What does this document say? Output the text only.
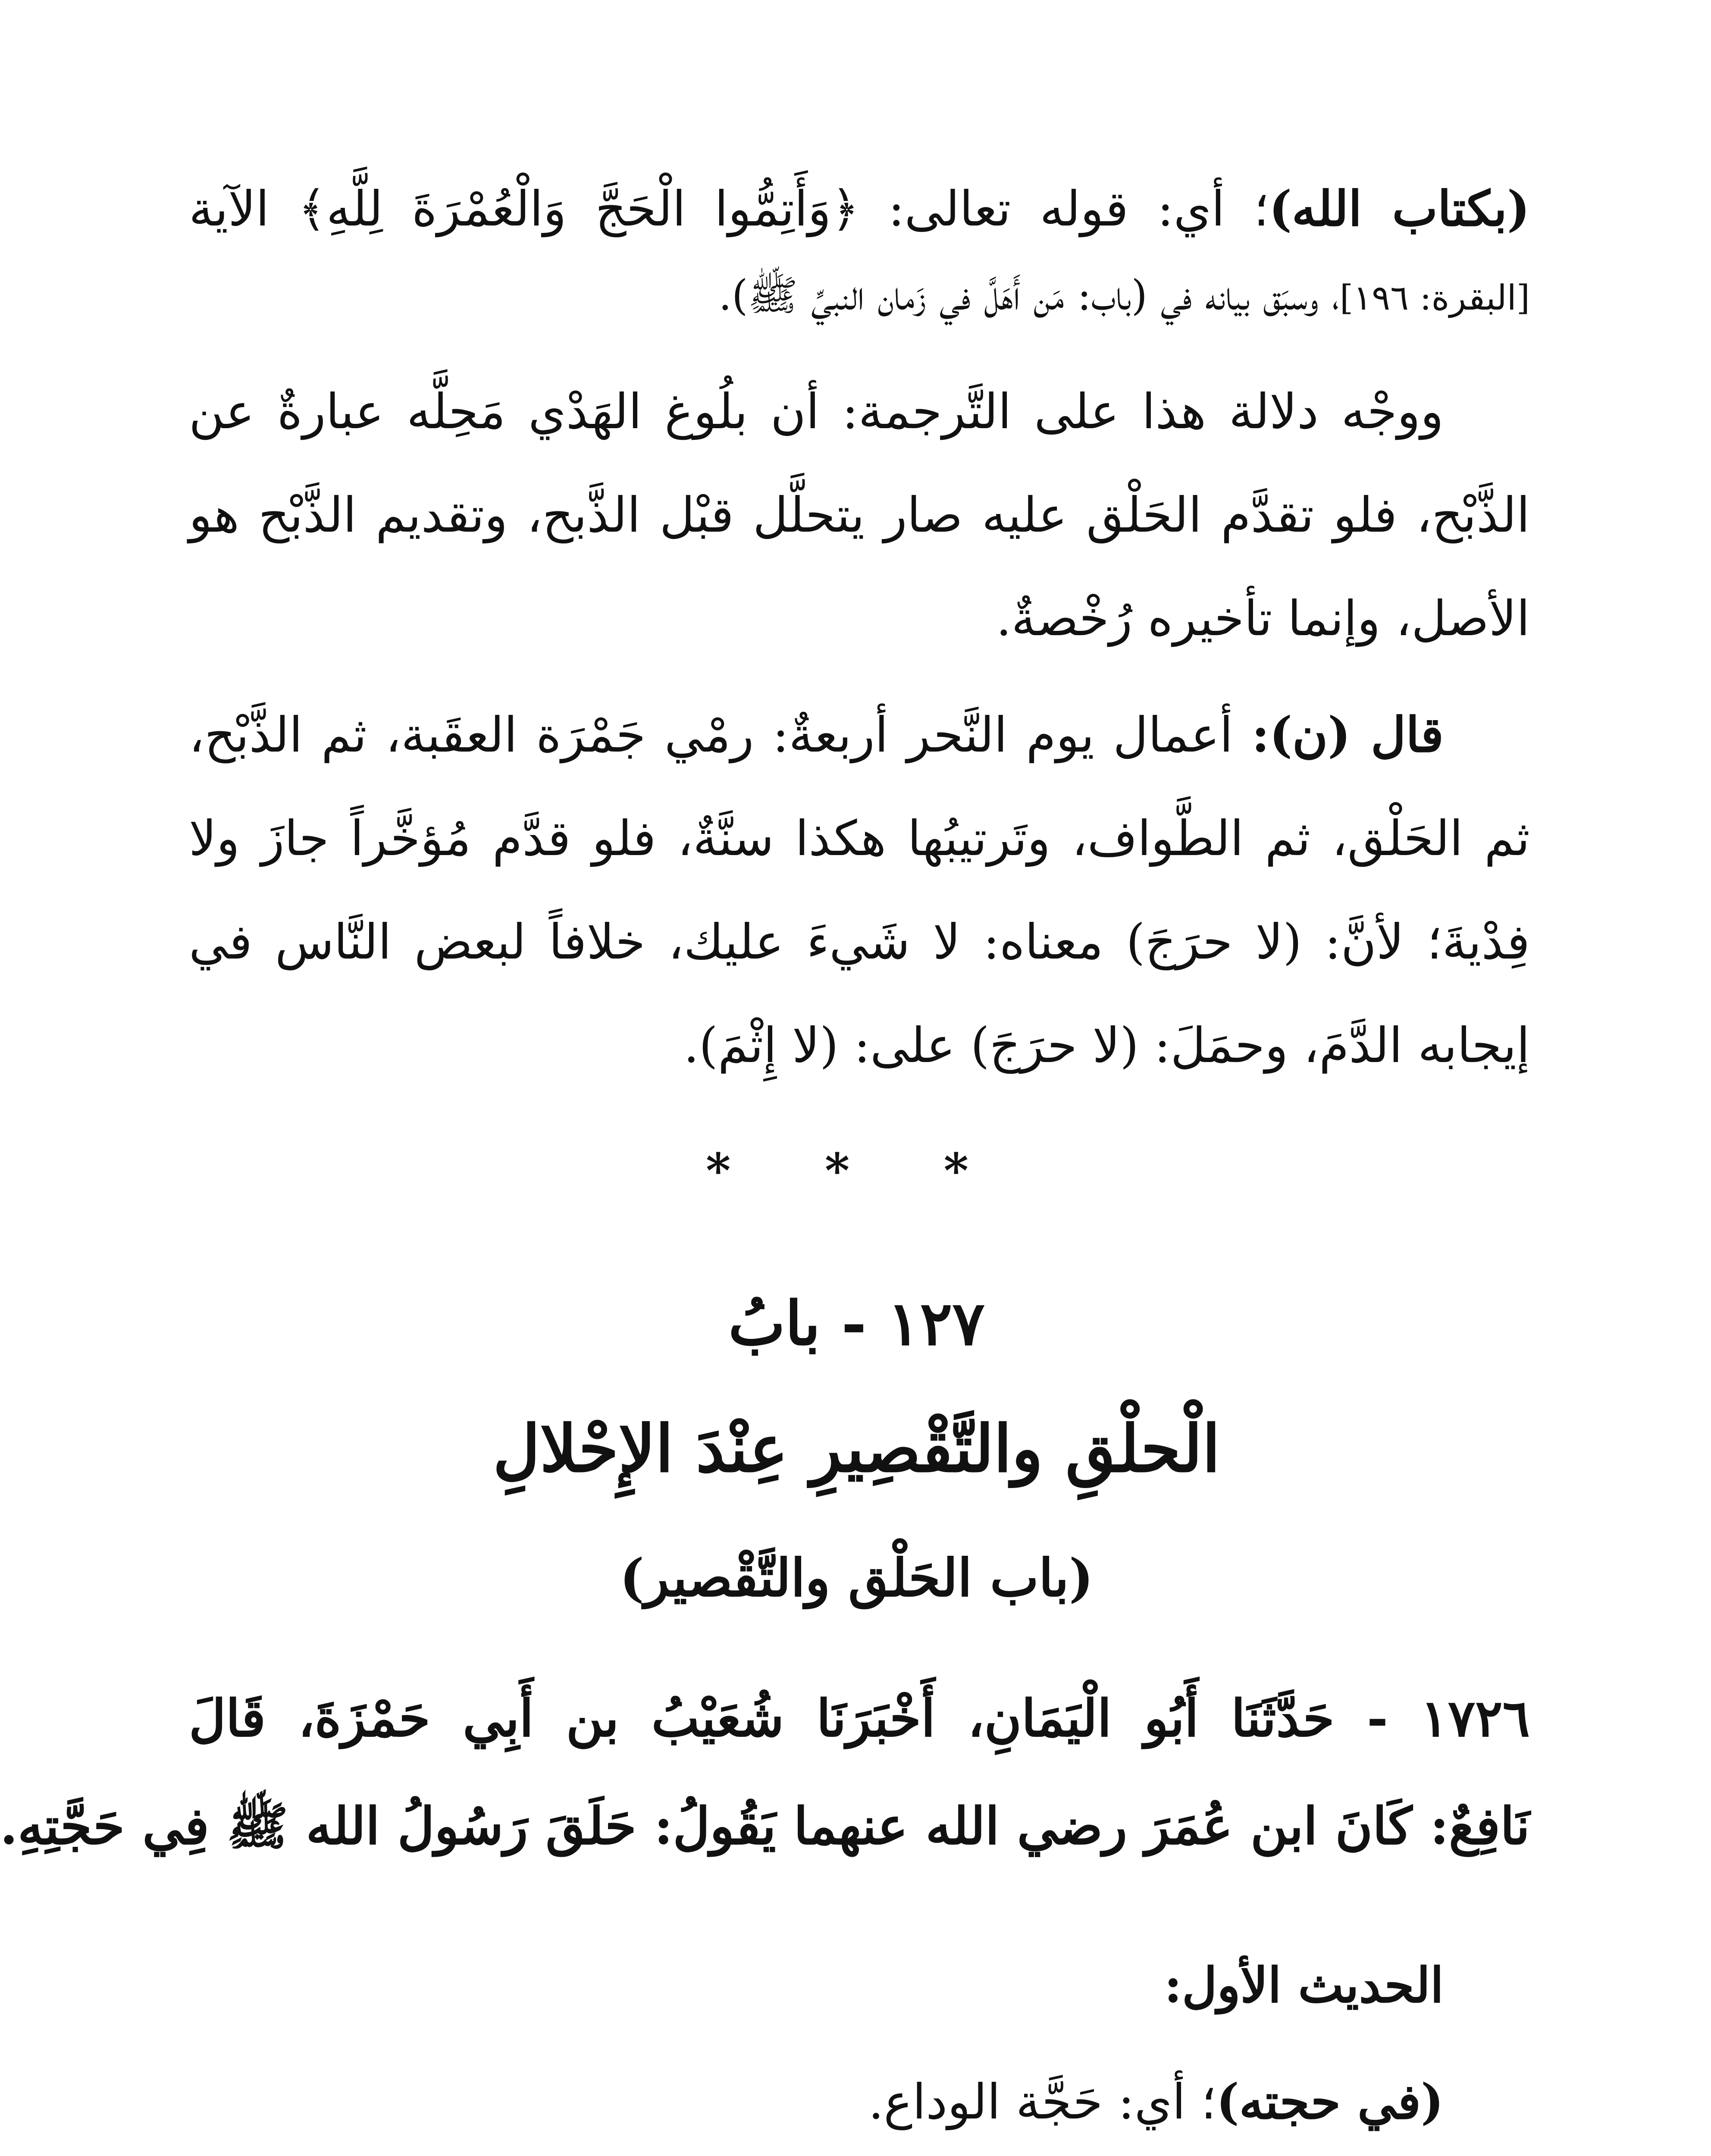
(بكتاب الله)؛ أي: قوله تعالى: ﴿وَأَتِمُّوا الْحَجَّ وَالْعُمْرَةَ لِلَّهِ﴾ الآية
[البقرة: ١٩٦]، وسبَق بيانه في (باب: مَن أَهَلَّ في زَمان النبيِّ ﷺ).
ووجْه دلالة هذا على التَّرجمة: أن بلُوغ الهَدْي مَحِلَّه عبارةٌ عن
الذَّبْح، فلو تقدَّم الحَلْق عليه صار يتحلَّل قبْل الذَّبح، وتقديم الذَّبْح هو
الأصل، وإنما تأخيره رُخْصةٌ.
قال (ن): أعمال يوم النَّحر أربعةٌ: رمْي جَمْرَة العقَبة، ثم الذَّبْح،
ثم الحَلْق، ثم الطَّواف، وتَرتيبُها هكذا سنَّةٌ، فلو قدَّم مُؤخَّراً جازَ ولا
فِدْيةَ؛ لأنَّ: (لا حرَجَ) معناه: لا شَيءَ عليك، خلافاً لبعض النَّاس في
إيجابه الدَّمَ، وحمَلَ: (لا حرَجَ) على: (لا إِثْمَ).
* * *
١٢٧ - بابُ
الْحلْقِ والتَّقْصِيرِ عِنْدَ الإِحْلالِ
(باب الحَلْق والتَّقْصير)
١٧٢٦ - حَدَّثَنَا أَبُو الْيَمَانِ، أَخْبَرَنَا شُعَيْبُ بن أَبِي حَمْزَةَ، قَالَ
نَافِعٌ: كَانَ ابن عُمَرَ رضي الله عنهما يَقُولُ: حَلَقَ رَسُولُ الله ﷺ فِي حَجَّتِهِ.
الحديث الأول:
(في حجته)؛ أي: حَجَّة الوداع.
